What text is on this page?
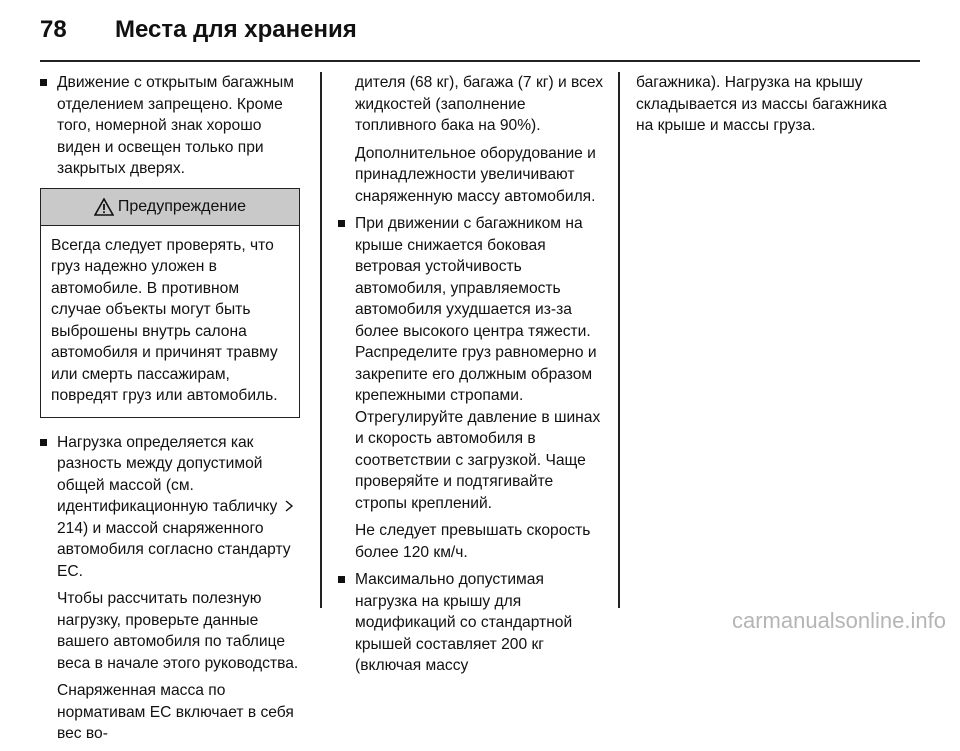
78 Места для хранения
Движение с открытым багажным отделением запрещено. Кроме того, номерной знак хорошо виден и освещен только при закрытых дверях.
Предупреждение
Всегда следует проверять, что груз надежно уложен в автомобиле. В противном случае объекты могут быть выброшены внутрь салона автомобиля и причинят травму или смерть пассажирам, повредят груз или автомобиль.
Нагрузка определяется как разность между допустимой общей массой (см. идентификационную табличку 214) и массой снаряженного автомобиля согласно стандарту ЕС.

Чтобы рассчитать полезную нагрузку, проверьте данные вашего автомобиля по таблице веса в начале этого руководства.

Снаряженная масса по нормативам ЕС включает в себя вес во-

дителя (68 кг), багажа (7 кг) и всех жидкостей (заполнение топливного бака на 90%).

Дополнительное оборудование и принадлежности увеличивают снаряженную массу автомобиля.

При движении с багажником на крыше снижается боковая ветровая устойчивость автомобиля, управляемость автомобиля ухудшается из-за более высокого центра тяжести. Распределите груз равномерно и закрепите его должным образом крепежными стропами. Отрегулируйте давление в шинах и скорость автомобиля в соответствии с загрузкой. Чаще проверяйте и подтягивайте стропы креплений.

Не следует превышать скорость более 120 км/ч.

Максимально допустимая нагрузка на крышу для модификаций со стандартной крышей составляет 200 кг (включая массу

багажника). Нагрузка на крышу складывается из массы багажника на крыше и массы груза.

carmanualsonline.info
